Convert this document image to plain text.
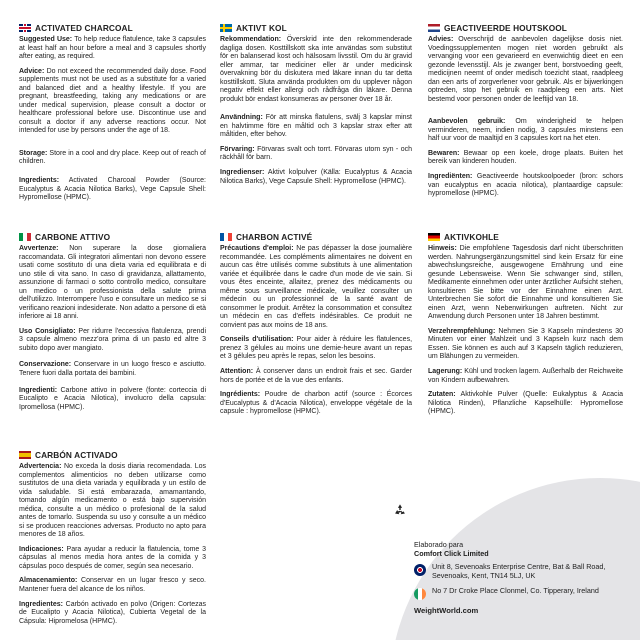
ACTIVATED CHARCOAL

Suggested Use: To help reduce flatulence, take 3 capsules at least half an hour before a meal and 3 capsules shortly after eating, as required.

Advice: Do not exceed the recommended daily dose. Food supplements must not be used as a substitute for a varied and balanced diet and a healthy lifestyle. If you are pregnant, breastfeeding, taking any medications or are under medical supervision, please consult a doctor or healthcare professional before use. Discontinue use and consult a doctor if any adverse reactions occur. Not intended for use by persons under the age of 18.

Storage: Store in a cool and dry place. Keep out of reach of children.

Ingredients: Activated Charcoal Powder (Source: Eucalyptus & Acacia Nilotica Barks), Vege Capsule Shell: Hypromellose (HPMC).

AKTIVT KOL

Rekommendation: Överskrid inte den rekommenderade dagliga dosen. Kosttillskott ska inte användas som substitut för en balanserad kost och hälsosam livsstil. Om du är gravid eller ammar, tar mediciner eller är under medicinsk övervakning bör du diskutera med läkare innan du tar detta kosttillskott. Sluta använda produkten om du upplever någon negativ effekt eller allergi och rådfråga din läkare. Denna produkt bör endast konsumeras av personer över 18 år.

Användning: För att minska flatulens, svälj 3 kapslar minst en halvtimme före en måltid och 3 kapslar strax efter att måltiden, efter behov.

Förvaring: Förvaras svalt och torrt. Förvaras utom syn - och räckhåll för barn.

Ingredienser: Aktivt kolpulver (Källa: Eucalyptus & Acacia Nilotica Barks), Vege Capsule Shell: Hypromellose (HPMC).

GEACTIVEERDE HOUTSKOOL

Advies: Overschrijd de aanbevolen dagelijkse dosis niet. Voedingssupplementen mogen niet worden gebruikt als vervanging voor een gevarieerd en evenwichtig dieet en een gezonde levensstijl. Als je zwanger bent, borstvoeding geeft, medicijnen neemt of onder medisch toezicht staat, raadpleeg dan een arts of zorgverlener voor gebruik. Als er bijwerkingen optreden, stop het gebruik en raadpleeg een arts. Niet bestemd voor personen onder de leeftijd van 18.

Aanbevolen gebruik: Om winderigheid te helpen verminderen, neem, indien nodig, 3 capsules minstens een half uur voor de maaltijd en 3 capsules kort na het eten.

Bewaren: Bewaar op een koele, droge plaats. Buiten het bereik van kinderen houden.

Ingrediënten: Geactiveerde houtskoolpoeder (bron: schors van eucalyptus en acacia nilotica), plantaardige capsule: hypromellose (HPMC).

CARBONE ATTIVO

Avvertenze: Non superare la dose giornaliera raccomandata. Gli integratori alimentari non devono essere usati come sostituto di una dieta varia ed equilibrata e di uno stile di vita sano. In caso di gravidanza, allattamento, assunzione di farmaci o sotto controllo medico, consultare un medico o un professionista della salute prima dell'utilizzo. Interrompere l'uso e consultare un medico se si verificano reazioni indesiderate. Non adatto a persone di età inferiore ai 18 anni.

Uso Consigliato: Per ridurre l'eccessiva flatulenza, prendi 3 capsule almeno mezz'ora prima di un pasto ed altre 3 subito dopo aver mangiato.

Conservazione: Conservare in un luogo fresco e asciutto. Tenere fuori dalla portata dei bambini.

Ingredienti: Carbone attivo in polvere (fonte: corteccia di Eucalipto e Acacia Nilotica), involucro della capsula: Ipromellosa (HPMC).

CHARBON ACTIVÉ

Précautions d'emploi: Ne pas dépasser la dose journalière recommandée. Les compléments alimentaires ne doivent en aucun cas être utilisés comme substituts à une alimentation variée et équilibrée dans le cadre d'un mode de vie sain. Si vous êtes enceinte, allaitez, prenez des médicaments ou même sous surveillance médicale, veuillez consulter un médecin ou un professionnel de la santé avant de consommer le produit. Arrêtez la consommation et consultez un médecin en cas d'effets indésirables. Ce produit ne convient pas aux moins de 18 ans.

Conseils d'utilisation: Pour aider à réduire les flatulences, prenez 3 gélules au moins une demie-heure avant un repas et 3 gélules peu après le repas, selon les besoins.

Attention: À conserver dans un endroit frais et sec. Garder hors de portée et de la vue des enfants.

Ingrédients: Poudre de charbon actif (source : Écorces d'Eucalyptus & d'Acacia Nilotica), enveloppe végétale de la capsule : hypromellose (HPMC).

AKTIVKOHLE

Hinweis: Die empfohlene Tagesdosis darf nicht überschritten werden. Nahrungsergänzungsmittel sind kein Ersatz für eine abwechslungsreiche, ausgewogene Ernährung und eine gesunde Lebensweise. Wenn Sie schwanger sind, stillen, Medikamente einnehmen oder unter ärztlicher Aufsicht stehen, konsultieren Sie bitte vor der Einnahme einen Arzt. Unterbrechen Sie sofort die Einnahme und konsultieren Sie einen Arzt, wenn Nebenwirkungen auftreten. Nicht zur Anwendung durch Personen unter 18 Jahren bestimmt.

Verzehrempfehlung: Nehmen Sie 3 Kapseln mindestens 30 Minuten vor einer Mahlzeit und 3 Kapseln kurz nach dem Essen. Sie können es auch auf 3 Kapseln täglich reduzieren, um Blähungen zu vermeiden.

Lagerung: Kühl und trocken lagern. Außerhalb der Reichweite von Kindern aufbewahren.

Zutaten: Aktivkohle Pulver (Quelle: Eukalyptus & Acacia Nilotica Rinden), Pflanzliche Kapselhülle: Hypromellose (HPMC).

CARBÓN ACTIVADO

Advertencia: No exceda la dosis diaria recomendada. Los complementos alimenticios no deben utilizarse como sustitutos de una dieta variada y equilibrada y un estilo de vida saludable. Si está embarazada, amamantando, tomando algún medicamento o está bajo supervisión médica, consulte a un médico o profesional de la salud antes de tomarlo. Suspenda su uso y consulte a un médico si se producen reacciones adversas. Producto no apto para menores de 18 años.

Indicaciones: Para ayudar a reducir la flatulencia, tome 3 cápsulas al menos media hora antes de la comida y 3 cápsulas poco después de comer, según sea necesario.

Almacenamiento: Conservar en un lugar fresco y seco. Mantener fuera del alcance de los niños.

Ingredientes: Carbón activado en polvo (Origen: Cortezas de Eucalipto y Acacia Nilotica), Cubierta Vegetal de la Cápsula: Hipromelosa (HPMC).

Elaborado para

Comfort Click Limited

Unit 8, Sevenoaks Enterprise Centre, Bat & Ball Road, Sevenoaks, Kent, TN14 5LJ, UK
No 7 Dr Croke Place Clonmel, Co. Tipperary, Ireland
WeightWorld.com
